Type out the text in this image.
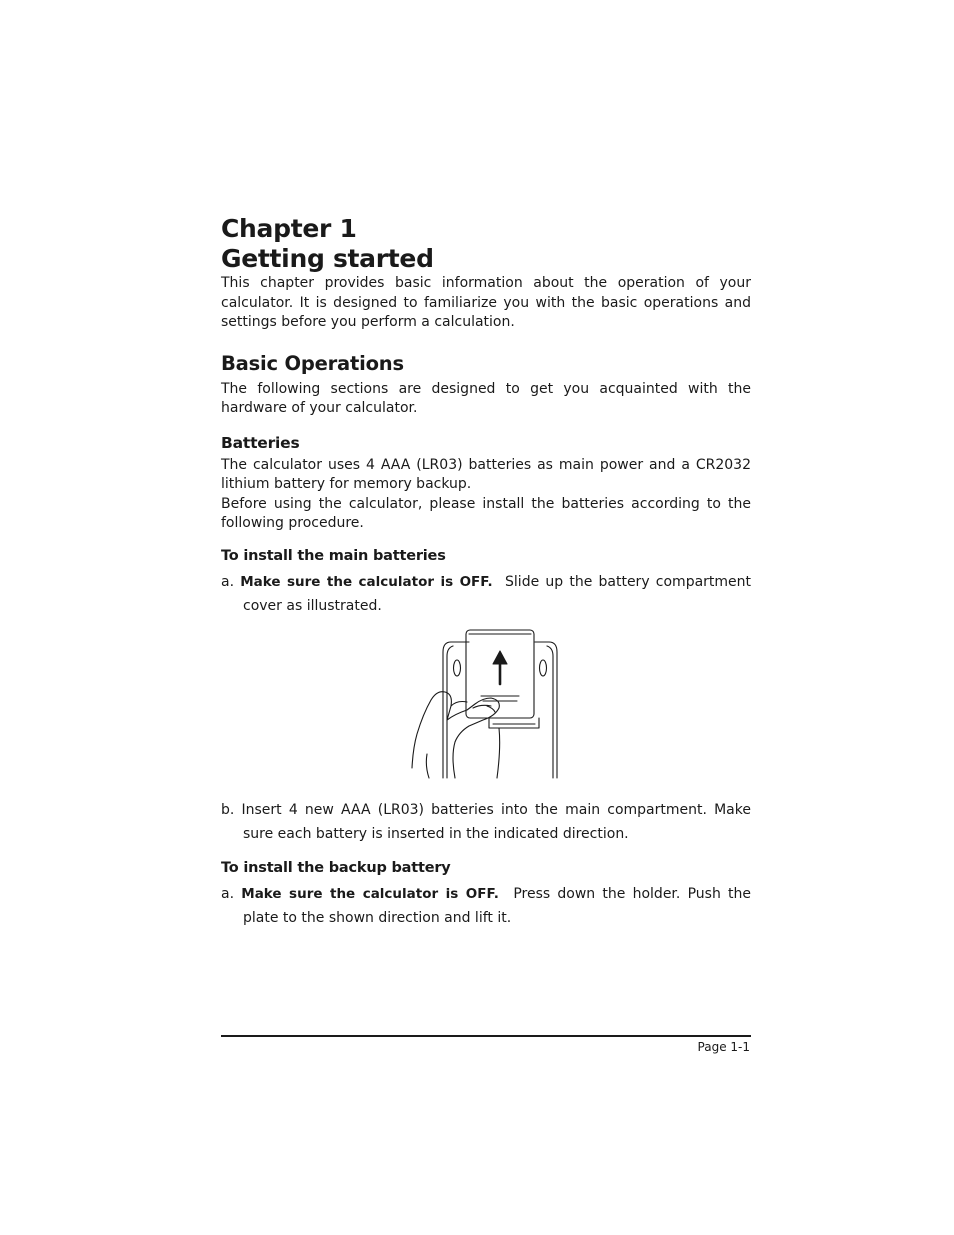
Chapter 1
Getting started

This chapter provides basic information about the operation of your calculator. It is designed to familiarize you with the basic operations and settings before you perform a calculation.

Basic Operations

The following sections are designed to get you acquainted with the hardware of your calculator.

Batteries

The calculator uses 4 AAA (LR03) batteries as main power and a CR2032 lithium battery for memory backup.

Before using the calculator, please install the batteries according to the following procedure.

To install the main batteries

a. Make sure the calculator is OFF. Slide up the battery compartment cover as illustrated.

b. Insert 4 new AAA (LR03) batteries into the main compartment. Make sure each battery is inserted in the indicated direction.

To install the backup battery

a. Make sure the calculator is OFF. Press down the holder. Push the plate to the shown direction and lift it.

Page 1-1
